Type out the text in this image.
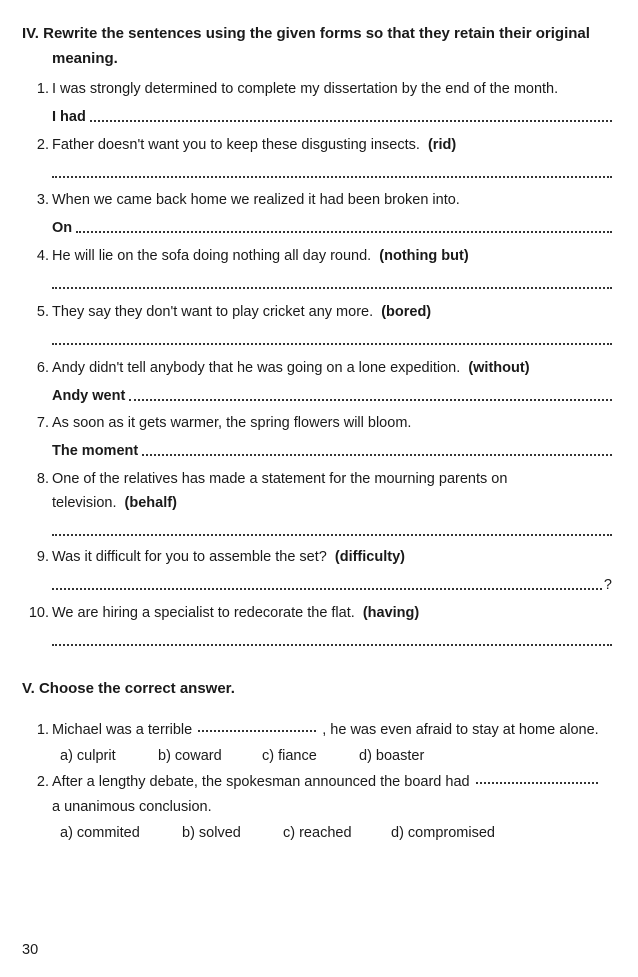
IV. Rewrite the sentences using the given forms so that they retain their original
meaning.
1. I was strongly determined to complete my dissertation by the end of the month.
I had
2. Father doesn't want you to keep these disgusting insects. (rid)
3. When we came back home we realized it had been broken into.
On
4. He will lie on the sofa doing nothing all day round. (nothing but)
5. They say they don't want to play cricket any more. (bored)
6. Andy didn't tell anybody that he was going on a lone expedition. (without)
Andy went
7. As soon as it gets warmer, the spring flowers will bloom.
The moment
8. One of the relatives has made a statement for the mourning parents on
television. (behalf)
9. Was it difficult for you to assemble the set? (difficulty)
?
10. We are hiring a specialist to redecorate the flat. (having)
V. Choose the correct answer.
1. Michael was a terrible	, he was even afraid to stay at home alone.
a) culprit	b) coward	c) fiance	d) boaster
2. After a lengthy debate, the spokesman announced the board had
a unanimous conclusion.
a) commited	b) solved	c) reached	d) compromised
30
